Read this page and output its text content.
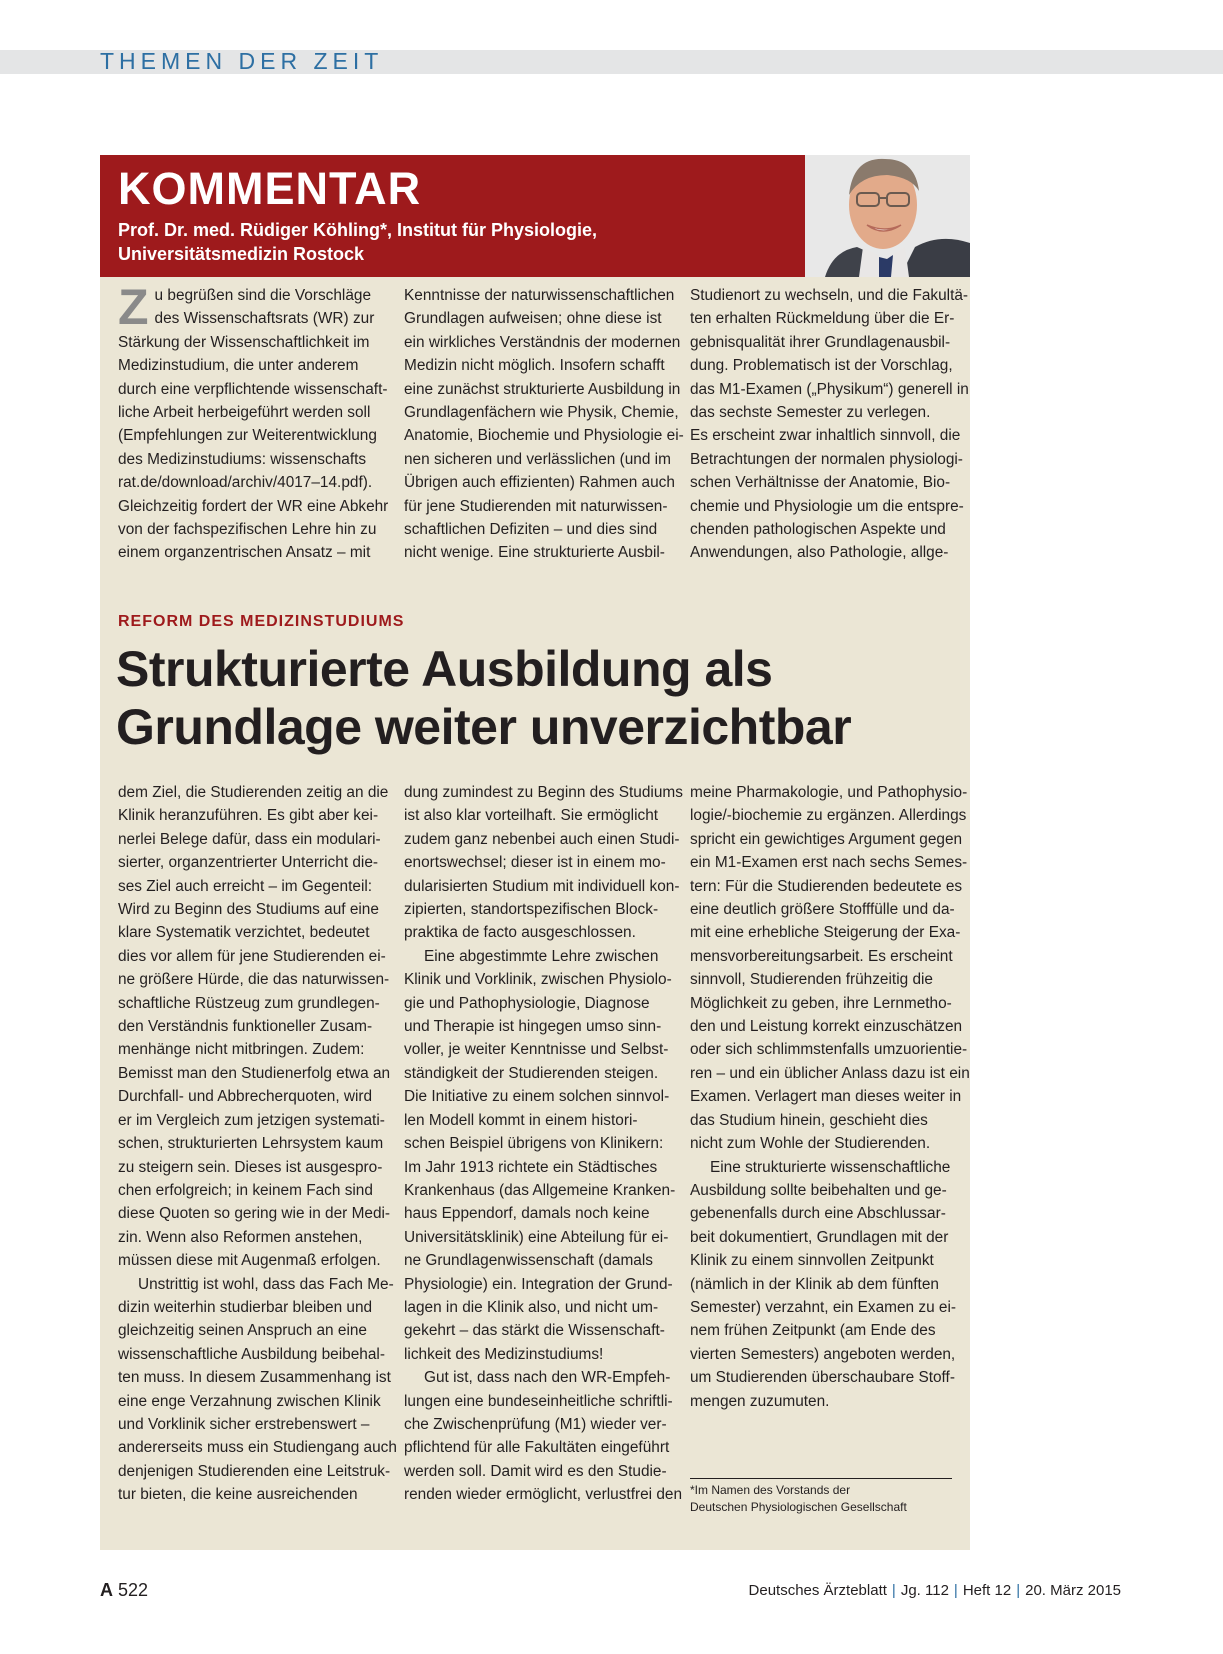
THEMEN DER ZEIT
KOMMENTAR
Prof. Dr. med. Rüdiger Köhling*, Institut für Physiologie,
Universitätsmedizin Rostock
Z u begrüßen sind die Vorschläge
des Wissenschaftsrats (WR) zur
Stärkung der Wissenschaftlichkeit im
Medizinstudium, die unter anderem
durch eine verpflichtende wissenschaft-
liche Arbeit herbeigeführt werden soll
(Empfehlungen zur Weiterentwicklung
des Medizinstudiums: wissenschafts
rat.de/download/archiv/4017–14.pdf).
Gleichzeitig fordert der WR eine Abkehr
von der fachspezifischen Lehre hin zu
einem organzentrischen Ansatz – mit
Kenntnisse der naturwissenschaftlichen
Grundlagen aufweisen; ohne diese ist
ein wirkliches Verständnis der modernen
Medizin nicht möglich. Insofern schafft
eine zunächst strukturierte Ausbildung in
Grundlagenfächern wie Physik, Chemie,
Anatomie, Biochemie und Physiologie ei-
nen sicheren und verlässlichen (und im
Übrigen auch effizienten) Rahmen auch
für jene Studierenden mit naturwissen-
schaftlichen Defiziten – und dies sind
nicht wenige. Eine strukturierte Ausbil-
Studienort zu wechseln, und die Fakultä-
ten erhalten Rückmeldung über die Er-
gebnisqualität ihrer Grundlagenausbil-
dung. Problematisch ist der Vorschlag,
das M1-Examen („Physikum“) generell in
das sechste Semester zu verlegen.
Es erscheint zwar inhaltlich sinnvoll, die
Betrachtungen der normalen physiologi-
schen Verhältnisse der Anatomie, Bio-
chemie und Physiologie um die entspre-
chenden pathologischen Aspekte und
Anwendungen, also Pathologie, allge-
REFORM DES MEDIZINSTUDIUMS
Strukturierte Ausbildung als
Grundlage weiter unverzichtbar

dem Ziel, die Studierenden zeitig an die
Klinik heranzuführen. Es gibt aber kei-
nerlei Belege dafür, dass ein modulari-
sierter, organzentrierter Unterricht die-
ses Ziel auch erreicht – im Gegenteil:
Wird zu Beginn des Studiums auf eine
klare Systematik verzichtet, bedeutet
dies vor allem für jene Studierenden ei-
ne größere Hürde, die das naturwissen-
schaftliche Rüstzeug zum grundlegen-
den Verständnis funktioneller Zusam-
menhänge nicht mitbringen. Zudem:
Bemisst man den Studienerfolg etwa an
Durchfall- und Abbrecherquoten, wird
er im Vergleich zum jetzigen systemati-
schen, strukturierten Lehrsystem kaum
zu steigern sein. Dieses ist ausgespro-
chen erfolgreich; in keinem Fach sind
diese Quoten so gering wie in der Medi-
zin. Wenn also Reformen anstehen,
müssen diese mit Augenmaß erfolgen.

Unstrittig ist wohl, dass das Fach Me-
dizin weiterhin studierbar bleiben und
gleichzeitig seinen Anspruch an eine
wissenschaftliche Ausbildung beibehal-
ten muss. In diesem Zusammenhang ist
eine enge Verzahnung zwischen Klinik
und Vorklinik sicher erstrebenswert –
andererseits muss ein Studiengang auch
denjenigen Studierenden eine Leitstruk-
tur bieten, die keine ausreichenden

dung zumindest zu Beginn des Studiums
ist also klar vorteilhaft. Sie ermöglicht
zudem ganz nebenbei auch einen Studi-
enortswechsel; dieser ist in einem mo-
dularisierten Studium mit individuell kon-
zipierten, standortspezifischen Block-
praktika de facto ausgeschlossen.

Eine abgestimmte Lehre zwischen
Klinik und Vorklinik, zwischen Physiolo-
gie und Pathophysiologie, Diagnose
und Therapie ist hingegen umso sinn-
voller, je weiter Kenntnisse und Selbst-
ständigkeit der Studierenden steigen.
Die Initiative zu einem solchen sinnvol-
len Modell kommt in einem histori-
schen Beispiel übrigens von Klinikern:
Im Jahr 1913 richtete ein Städtisches
Krankenhaus (das Allgemeine Kranken-
haus Eppendorf, damals noch keine
Universitätsklinik) eine Abteilung für ei-
ne Grundlagenwissenschaft (damals
Physiologie) ein. Integration der Grund-
lagen in die Klinik also, und nicht um-
gekehrt – das stärkt die Wissenschaft-
lichkeit des Medizinstudiums!

Gut ist, dass nach den WR-Empfeh-
lungen eine bundeseinheitliche schriftli-
che Zwischenprüfung (M1) wieder ver-
pflichtend für alle Fakultäten eingeführt
werden soll. Damit wird es den Studie-
renden wieder ermöglicht, verlustfrei den

meine Pharmakologie, und Pathophysio-
logie/-biochemie zu ergänzen. Allerdings
spricht ein gewichtiges Argument gegen
ein M1-Examen erst nach sechs Semes-
tern: Für die Studierenden bedeutete es
eine deutlich größere Stofffülle und da-
mit eine erhebliche Steigerung der Exa-
mensvorbereitungsarbeit. Es erscheint
sinnvoll, Studierenden frühzeitig die
Möglichkeit zu geben, ihre Lernmetho-
den und Leistung korrekt einzuschätzen
oder sich schlimmstenfalls umzuorientie-
ren – und ein üblicher Anlass dazu ist ein
Examen. Verlagert man dieses weiter in
das Studium hinein, geschieht dies
nicht zum Wohle der Studierenden.

Eine strukturierte wissenschaftliche
Ausbildung sollte beibehalten und ge-
gebenenfalls durch eine Abschlussar-
beit dokumentiert, Grundlagen mit der
Klinik zu einem sinnvollen Zeitpunkt
(nämlich in der Klinik ab dem fünften
Semester) verzahnt, ein Examen zu ei-
nem frühen Zeitpunkt (am Ende des
vierten Semesters) angeboten werden,
um Studierenden überschaubare Stoff-
mengen zuzumuten.

*Im Namen des Vorstands der
Deutschen Physiologischen Gesellschaft
A 522	Deutsches Ärzteblatt | Jg. 112 | Heft 12 | 20. März 2015
